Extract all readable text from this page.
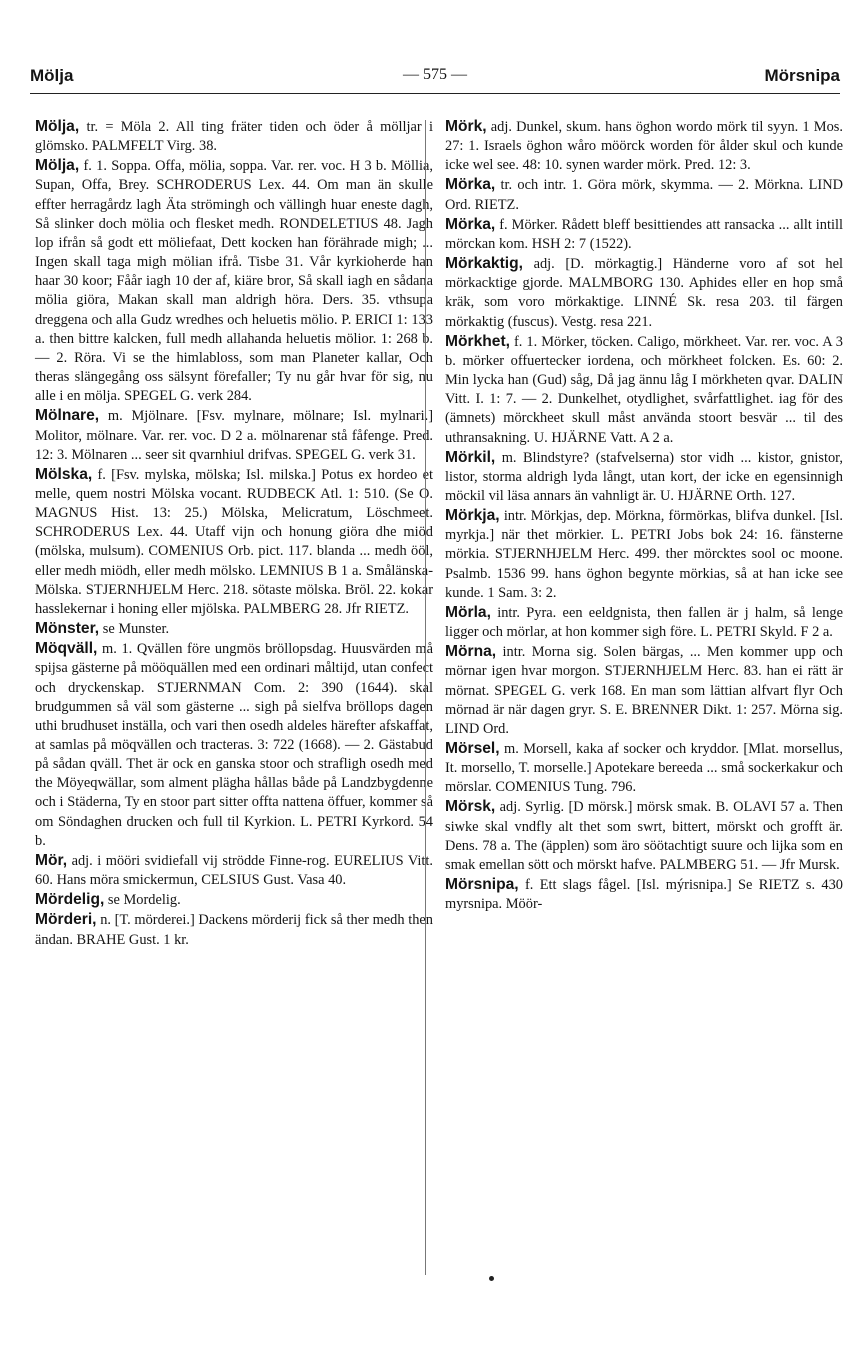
Mölja	— 575 —	Mörsnipa

Mölja, tr. = Möla 2. All ting fräter tiden och öder å mölljar i glömsko. PALMFELT Virg. 38.

Mölja, f. 1. Soppa. Offa, mölia, soppa. Var. rer. voc. H 3 b. Möllia, Supan, Offa, Brey. SCHRODERUS Lex. 44. Om man än skulle effter herragårdz lagh Äta strömingh och vällingh huar eneste dagh, Så slinker doch mölia och flesket medh. RONDELETIUS 48. Jagh lop ifrån så godt ett möliefaat, Dett kocken han förährade migh; ... Ingen skall taga migh mölian ifrå. Tisbe 31. Vår kyrkioherde han haar 30 koor; Fåår iagh 10 der af, kiäre bror, Så skall iagh en sådana mölia giöra, Makan skall man aldrigh höra. Ders. 35. vthsupa dreggena och alla Gudz wredhes och heluetis mölio. P. ERICI 1: 133 a. then bittre kalcken, full medh allahanda heluetis mölior. 1: 268 b. — 2. Röra. Vi se the himlabloss, som man Planeter kallar, Och theras slängegång oss sälsynt förefaller; Ty nu går hvar för sig, nu alle i en mölja. SPEGEL G. verk 284.

Mölnare, m. Mjölnare. [Fsv. mylnare, mölnare; Isl. mylnari.] Molitor, mölnare. Var. rer. voc. D 2 a. mölnarenar stå fåfenge. Pred. 12: 3. Mölnaren ... seer sit qvarnhiul drifvas. SPEGEL G. verk 31.

Mölska, f. [Fsv. mylska, mölska; Isl. milska.] Potus ex hordeo et melle, quem nostri Mölska vocant. RUDBECK Atl. 1: 510. (Se O. MAGNUS Hist. 13: 25.) Mölska, Melicratum, Löschmeet. SCHRODERUS Lex. 44. Utaff vijn och honung giöra dhe miöd (mölska, mulsum). COMENIUS Orb. pict. 117. blanda ... medh ööl, eller medh miödh, eller medh mölsko. LEMNIUS B 1 a. Smålänska-Mölska. STJERNHJELM Herc. 218. sötaste mölska. Bröl. 22. kokar hasslekernar i honing eller mjölska. PALMBERG 28. Jfr RIETZ.

Mönster, se Munster.

Möqväll, m. 1. Qvällen före ungmös bröllopsdag. Huusvärden må spijsa gästerne på mööquällen med een ordinari måltijd, utan confect och dryckenskap. STJERNMAN Com. 2: 390 (1644). skal brudgummen så väl som gästerne ... sigh på sielfva bröllops dagen uthi brudhuset inställa, och vari then osedh aldeles härefter afskaffat, at samlas på möqvällen och tracteras. 3: 722 (1668). — 2. Gästabud på sådan qväll. Thet är ock en ganska stoor och strafligh osedh med the Möyeqwällar, som alment plägha hållas både på Landzbygdenne och i Städerna, Ty en stoor part sitter offta nattena öffuer, kommer så om Söndaghen drucken och full til Kyrkion. L. PETRI Kyrkord. 54 b.

Mör, adj. i mööri svidiefall vij strödde Finne-rog. EURELIUS Vitt. 60. Hans möra smickermun, CELSIUS Gust. Vasa 40.

Mördelig, se Mordelig.

Mörderi, n. [T. mörderei.] Dackens mörderij fick så ther medh then ändan. BRAHE Gust. 1 kr.

Mörk, adj. Dunkel, skum. hans öghon wordo mörk til syyn. 1 Mos. 27: 1. Israels öghon wåro möörck worden för ålder skul och kunde icke wel see. 48: 10. synen warder mörk. Pred. 12: 3.

Mörka, tr. och intr. 1. Göra mörk, skymma. — 2. Mörkna. LIND Ord. RIETZ.

Mörka, f. Mörker. Rådett bleff besittiendes att ransacka ... allt intill mörckan kom. HSH 2: 7 (1522).

Mörkaktig, adj. [D. mörkagtig.] Händerne voro af sot hel mörkacktige gjorde. MALMBORG 130. Aphides eller en hop små kräk, som voro mörkaktige. LINNÉ Sk. resa 203. til färgen mörkaktig (fuscus). Vestg. resa 221.

Mörkhet, f. 1. Mörker, töcken. Caligo, mörkheet. Var. rer. voc. A 3 b. mörker offuertecker iordena, och mörkheet folcken. Es. 60: 2. Min lycka han (Gud) såg, Då jag ännu låg I mörkheten qvar. DALIN Vitt. I. 1: 7. — 2. Dunkelhet, otydlighet, svårfattlighet. iag för des (ämnets) mörckheet skull måst använda stoort besvär ... til des uthransakning. U. HJÄRNE Vatt. A 2 a.

Mörkil, m. Blindstyre? (stafvelserna) stor vidh ... kistor, gnistor, listor, storma aldrigh lyda långt, utan kort, der icke en egensinnigh möckil vil läsa annars än vahnligt är. U. HJÄRNE Orth. 127.

Mörkja, intr. Mörkjas, dep. Mörkna, förmörkas, blifva dunkel. [Isl. myrkja.] när thet mörkier. L. PETRI Jobs bok 24: 16. fänsterne mörkia. STJERNHJELM Herc. 499. ther mörcktes sool oc moone. Psalmb. 1536 99. hans öghon begynte mörkias, så at han icke see kunde. 1 Sam. 3: 2.

Mörla, intr. Pyra. een eeldgnista, then fallen är j halm, så lenge ligger och mörlar, at hon kommer sigh före. L. PETRI Skyld. F 2 a.

Mörna, intr. Morna sig. Solen bärgas, ... Men kommer upp och mörnar igen hvar morgon. STJERNHJELM Herc. 83. han ei rätt är mörnat. SPEGEL G. verk 168. En man som lättian alfvart flyr Och mörnad är när dagen gryr. S. E. BRENNER Dikt. 1: 257. Mörna sig. LIND Ord.

Mörsel, m. Morsell, kaka af socker och kryddor. [Mlat. morsellus, It. morsello, T. morselle.] Apotekare bereeda ... små sockerkakur och mörslar. COMENIUS Tung. 796.

Mörsk, adj. Syrlig. [D mörsk.] mörsk smak. B. OLAVI 57 a. Then siwke skal vndfly alt thet som swrt, bittert, mörskt och grofft är. Dens. 78 a. The (äpplen) som äro söötachtigt suure och lijka som en smak emellan sött och mörskt hafve. PALMBERG 51. — Jfr Mursk.

Mörsnipa, f. Ett slags fågel. [Isl. mýrisnipa.] Se RIETZ s. 430 myrsnipa. Möör-
